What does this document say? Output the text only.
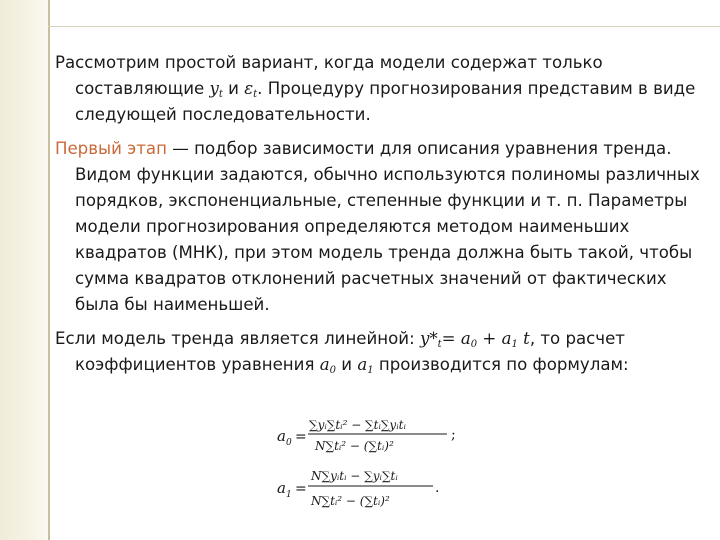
Рассмотрим простой вариант, когда модели содержат только составляющие $y_t$ и $\varepsilon_t$. Процедуру прогнозирования представим в виде следующей последовательности.

Первый этап — подбор зависимости для описания уравнения тренда. Видом функции задаются, обычно используются полиномы различных порядков, экспоненциальные, степенные функции и т. п. Параметры модели прогнозирования определяются методом наименьших квадратов (МНК), при этом модель тренда должна быть такой, чтобы сумма квадратов отклонений расчетных значений от фактических была бы наименьшей.

Если модель тренда является линейной: $y*_t= a_0 + a_1$ t, то расчет коэффициентов уравнения $a_0$ и $a_1$ производится по формулам:

a 0 =
∑yᵢ∑tᵢ² − ∑tᵢ∑yᵢtᵢ
N∑tᵢ² − (∑tᵢ)²
;
a 1 =
N∑yᵢtᵢ − ∑yᵢ∑tᵢ
N∑tᵢ² − (∑tᵢ)²
.
